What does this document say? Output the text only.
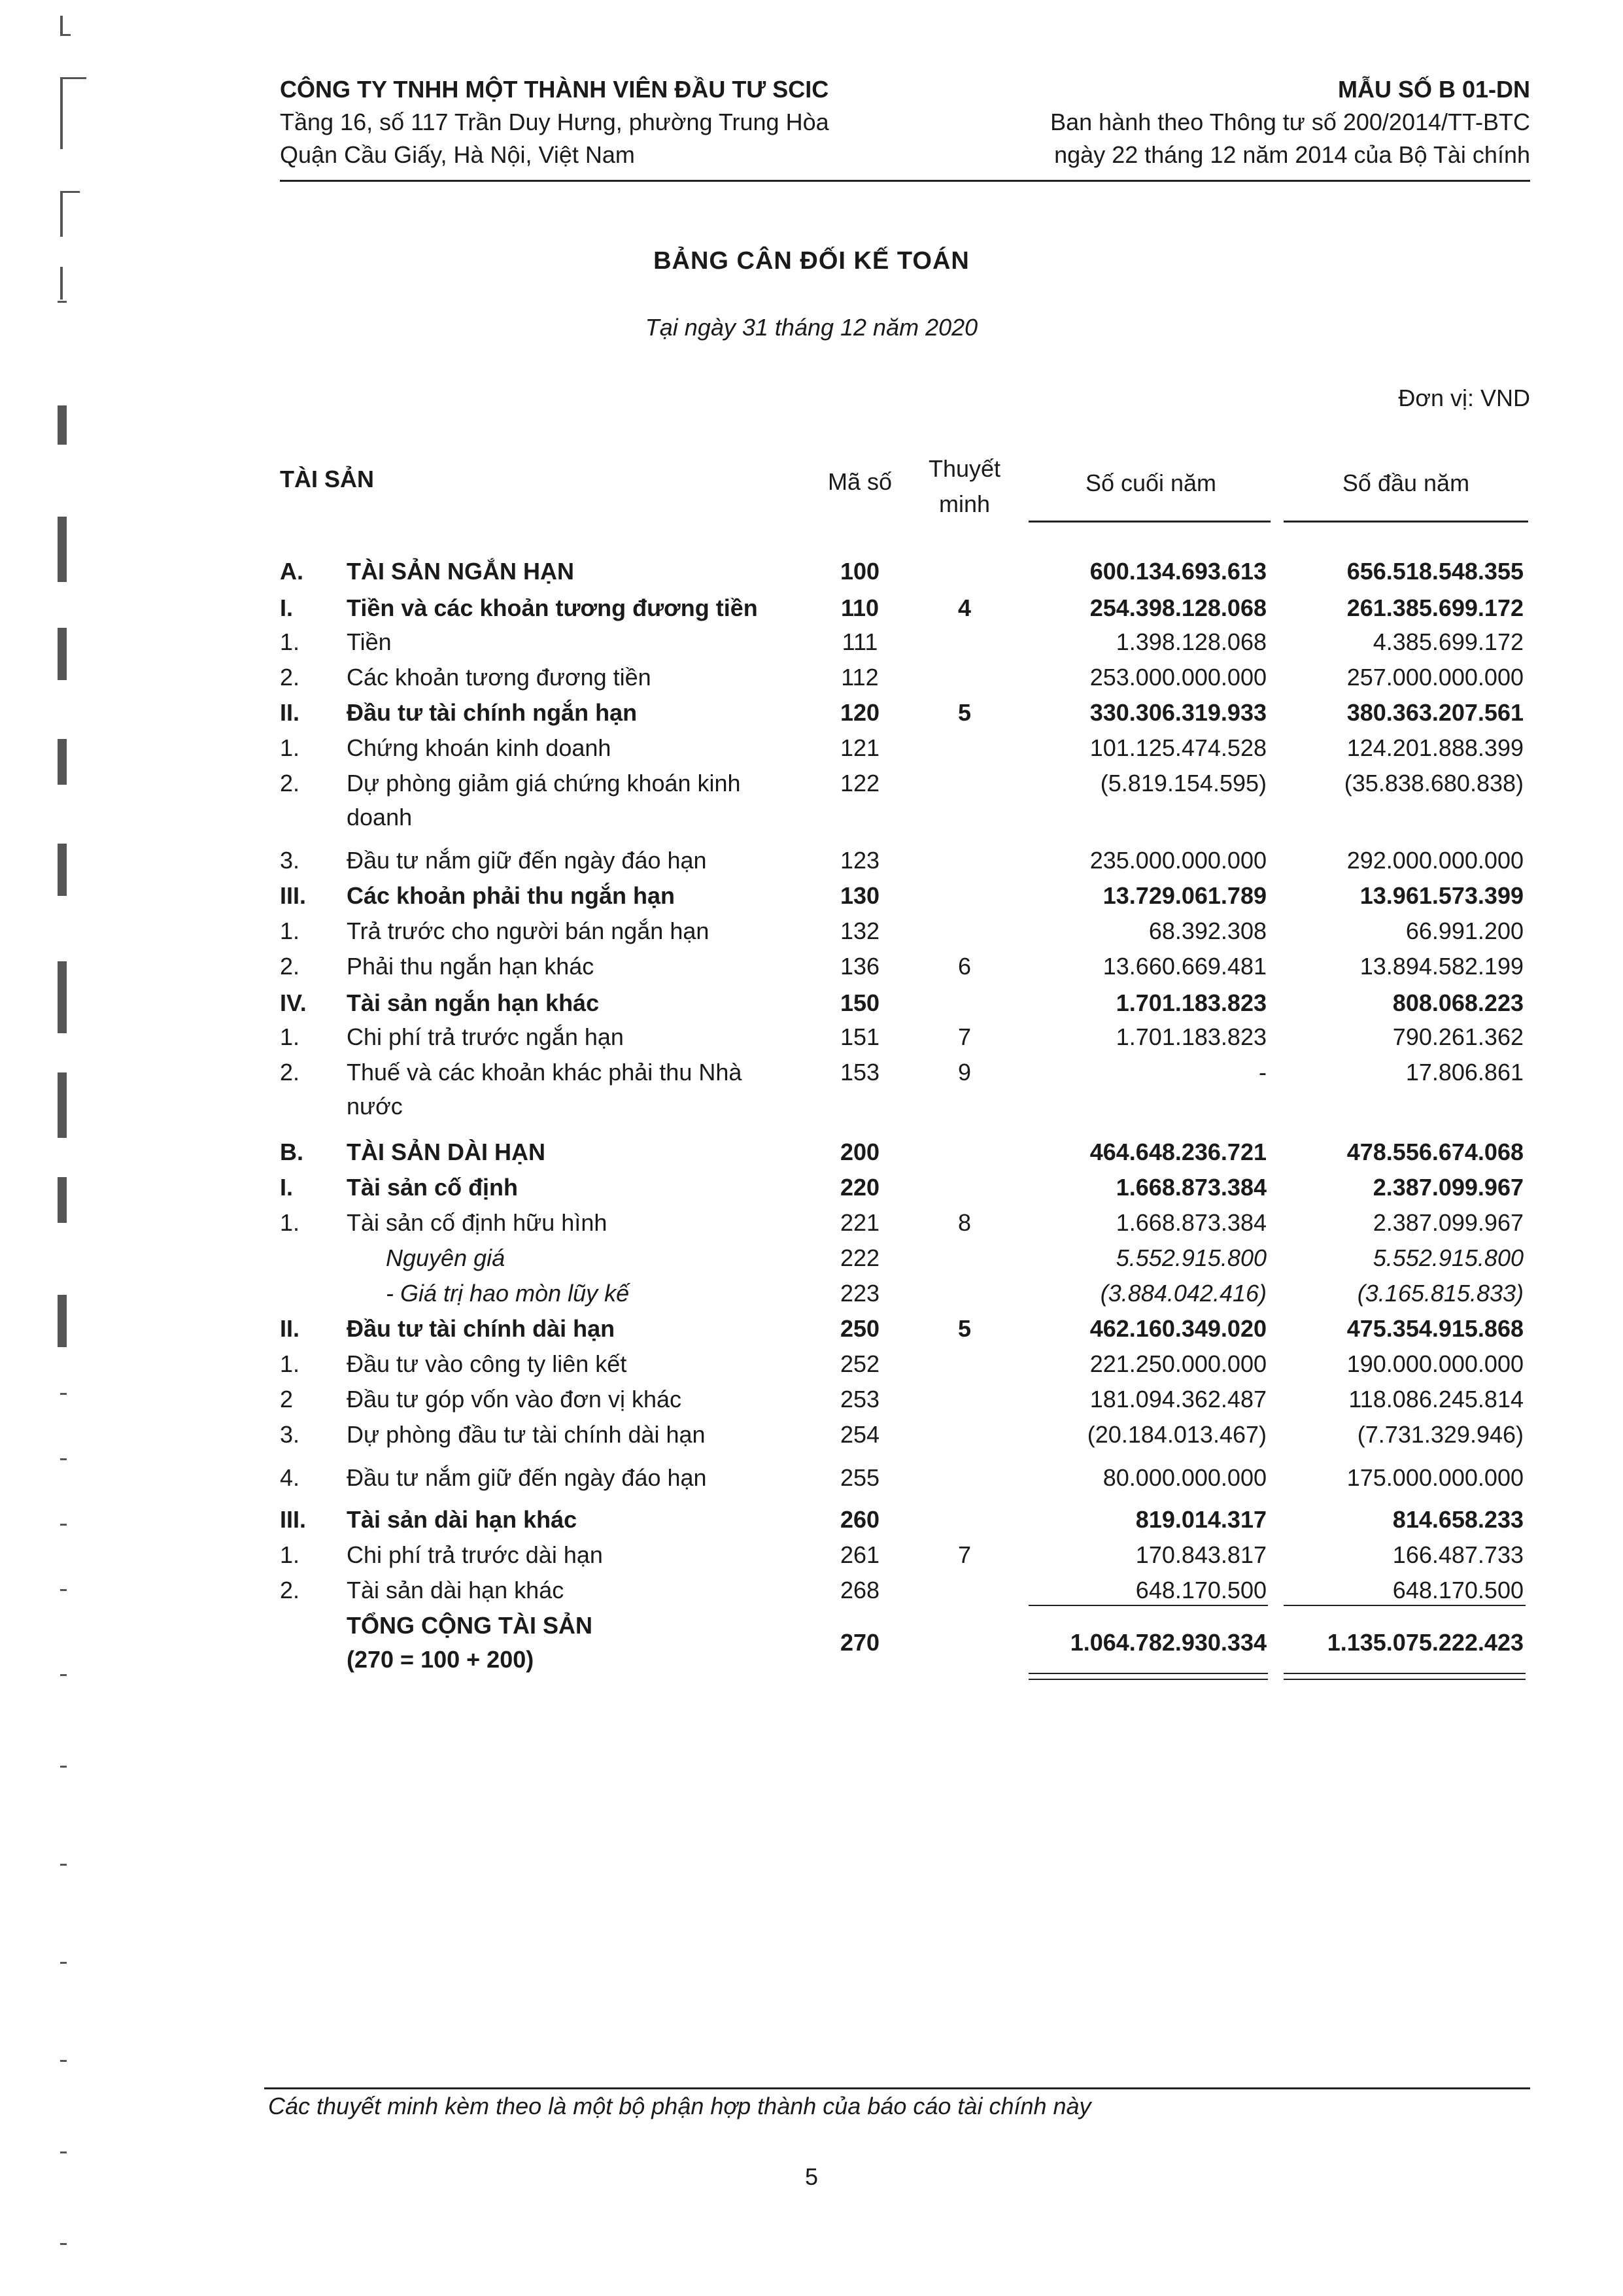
CÔNG TY TNHH MỘT THÀNH VIÊN ĐẦU TƯ SCIC
Tầng 16, số 117 Trần Duy Hưng, phường Trung Hòa
Quận Cầu Giấy, Hà Nội, Việt Nam
MẪU SỐ B 01-DN
Ban hành theo Thông tư số 200/2014/TT-BTC
ngày 22 tháng 12 năm 2014 của Bộ Tài chính
BẢNG CÂN ĐỐI KẾ TOÁN
Tại ngày 31 tháng 12 năm 2020
Đơn vị: VND
TÀI SẢN	Mã số	Thuyết
minh
Số cuối năm	Số đầu năm
A. TÀI SẢN NGẮN HẠN	100	600.134.693.613	656.518.548.355
I. Tiền và các khoản tương đương tiền	110	4	254.398.128.068	261.385.699.172
1. Tiền	111	1.398.128.068	4.385.699.172
2. Các khoản tương đương tiền	112	253.000.000.000	257.000.000.000
II. Đầu tư tài chính ngắn hạn	120	5	330.306.319.933	380.363.207.561
1. Chứng khoán kinh doanh	121	101.125.474.528	124.201.888.399
2. Dự phòng giảm giá chứng khoán kinh doanh
122	(5.819.154.595)	(35.838.680.838)
3. Đầu tư nắm giữ đến ngày đáo hạn	123	235.000.000.000	292.000.000.000
III. Các khoản phải thu ngắn hạn	130	13.729.061.789	13.961.573.399
1. Trả trước cho người bán ngắn hạn	132	68.392.308	66.991.200
2. Phải thu ngắn hạn khác	136	6	13.660.669.481	13.894.582.199
IV. Tài sản ngắn hạn khác	150	1.701.183.823	808.068.223
1. Chi phí trả trước ngắn hạn	151	7	1.701.183.823	790.261.362
2. Thuế và các khoản khác phải thu Nhà nước
153	9	-	17.806.861
B. TÀI SẢN DÀI HẠN	200	464.648.236.721	478.556.674.068
I. Tài sản cố định	220	1.668.873.384	2.387.099.967
1. Tài sản cố định hữu hình	221	8	1.668.873.384	2.387.099.967
Nguyên giá	222	5.552.915.800	5.552.915.800
- Giá trị hao mòn lũy kế	223	(3.884.042.416)	(3.165.815.833)
II. Đầu tư tài chính dài hạn	250	5	462.160.349.020	475.354.915.868
1. Đầu tư vào công ty liên kết	252	221.250.000.000	190.000.000.000
2 Đầu tư góp vốn vào đơn vị khác	253	181.094.362.487	118.086.245.814
3. Dự phòng đầu tư tài chính dài hạn	254	(20.184.013.467)	(7.731.329.946)
4. Đầu tư nắm giữ đến ngày đáo hạn	255	80.000.000.000	175.000.000.000
III. Tài sản dài hạn khác	260	819.014.317	814.658.233
1. Chi phí trả trước dài hạn	261	7	170.843.817	166.487.733
2. Tài sản dài hạn khác	268	648.170.500	648.170.500
TỔNG CỘNG TÀI SẢN
(270 = 100 + 200)
270	1.064.782.930.334	1.135.075.222.423
Các thuyết minh kèm theo là một bộ phận hợp thành của báo cáo tài chính này
5
